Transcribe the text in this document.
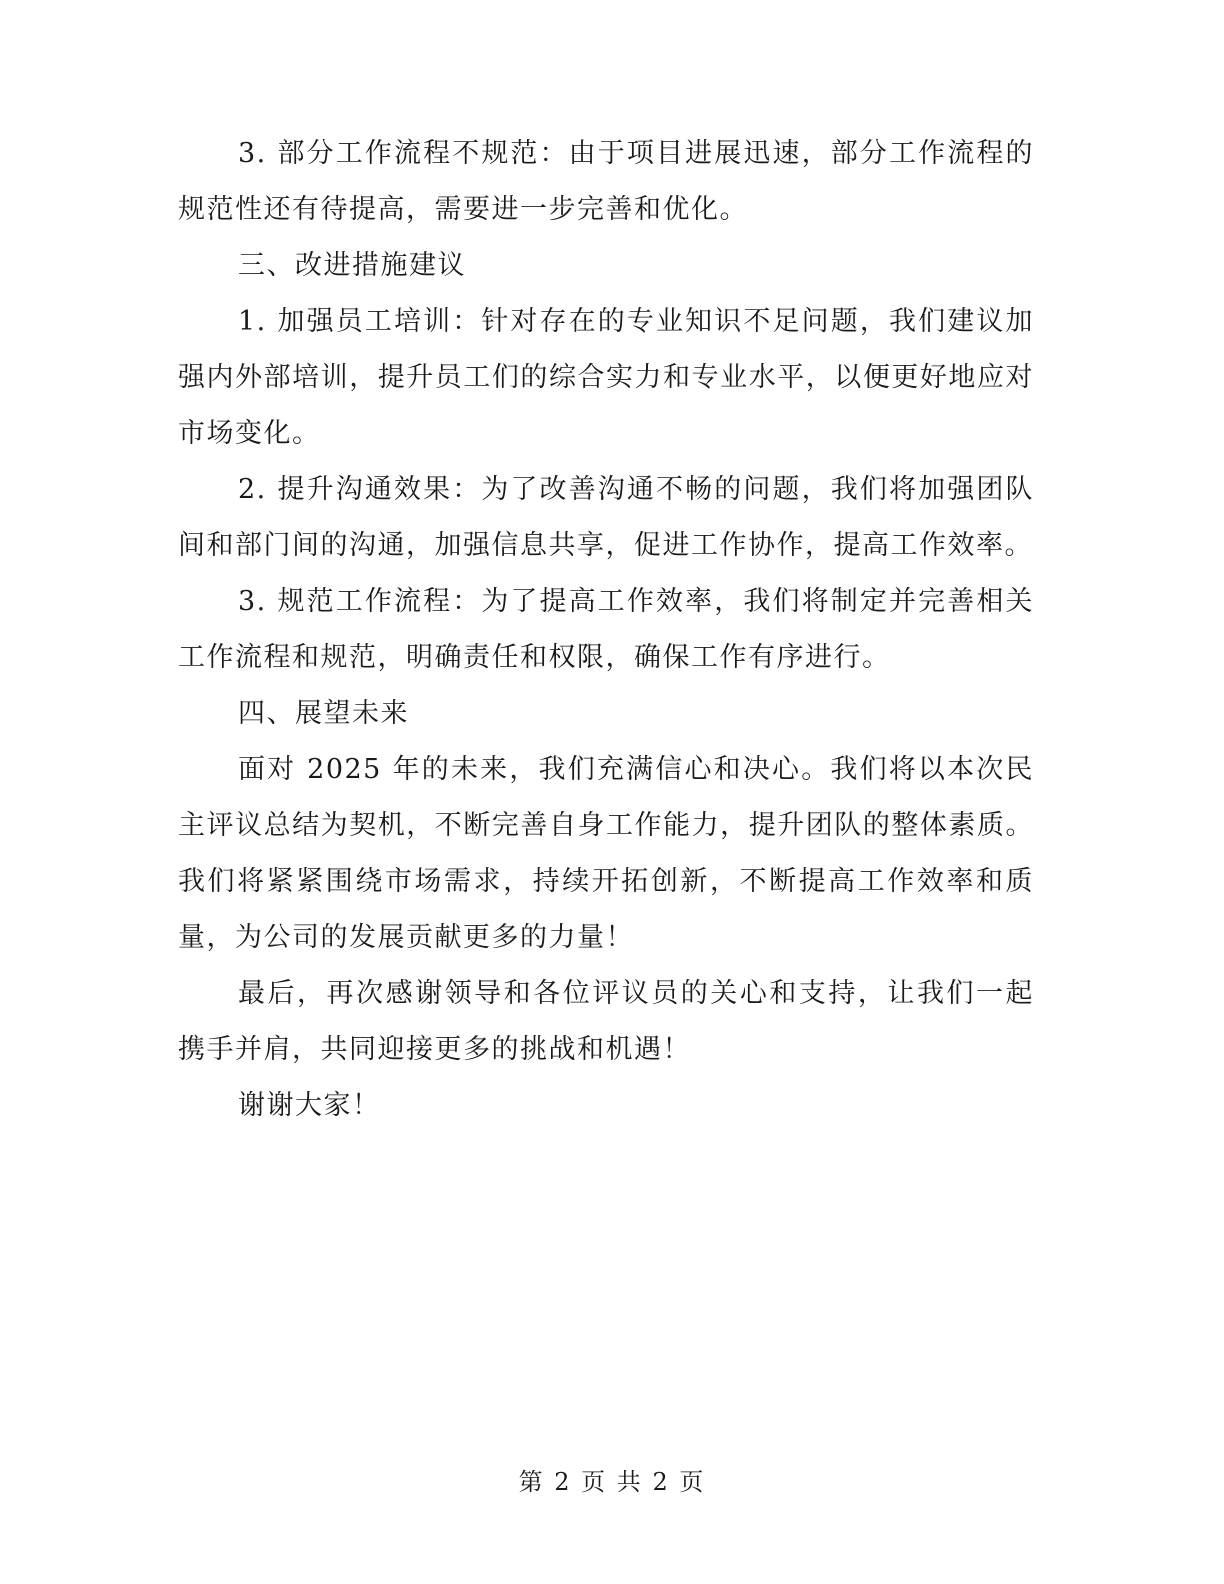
3. 部分工作流程不规范：由于项目进展迅速，部分工作流程的规范性还有待提高，需要进一步完善和优化。

三、改进措施建议

1. 加强员工培训：针对存在的专业知识不足问题，我们建议加强内外部培训，提升员工们的综合实力和专业水平，以便更好地应对市场变化。

2. 提升沟通效果：为了改善沟通不畅的问题，我们将加强团队间和部门间的沟通，加强信息共享，促进工作协作，提高工作效率。

3. 规范工作流程：为了提高工作效率，我们将制定并完善相关工作流程和规范，明确责任和权限，确保工作有序进行。

四、展望未来

面对 2025 年的未来，我们充满信心和决心。我们将以本次民主评议总结为契机，不断完善自身工作能力，提升团队的整体素质。我们将紧紧围绕市场需求，持续开拓创新，不断提高工作效率和质量，为公司的发展贡献更多的力量！

最后，再次感谢领导和各位评议员的关心和支持，让我们一起携手并肩，共同迎接更多的挑战和机遇！

谢谢大家！

第 2 页 共 2 页
